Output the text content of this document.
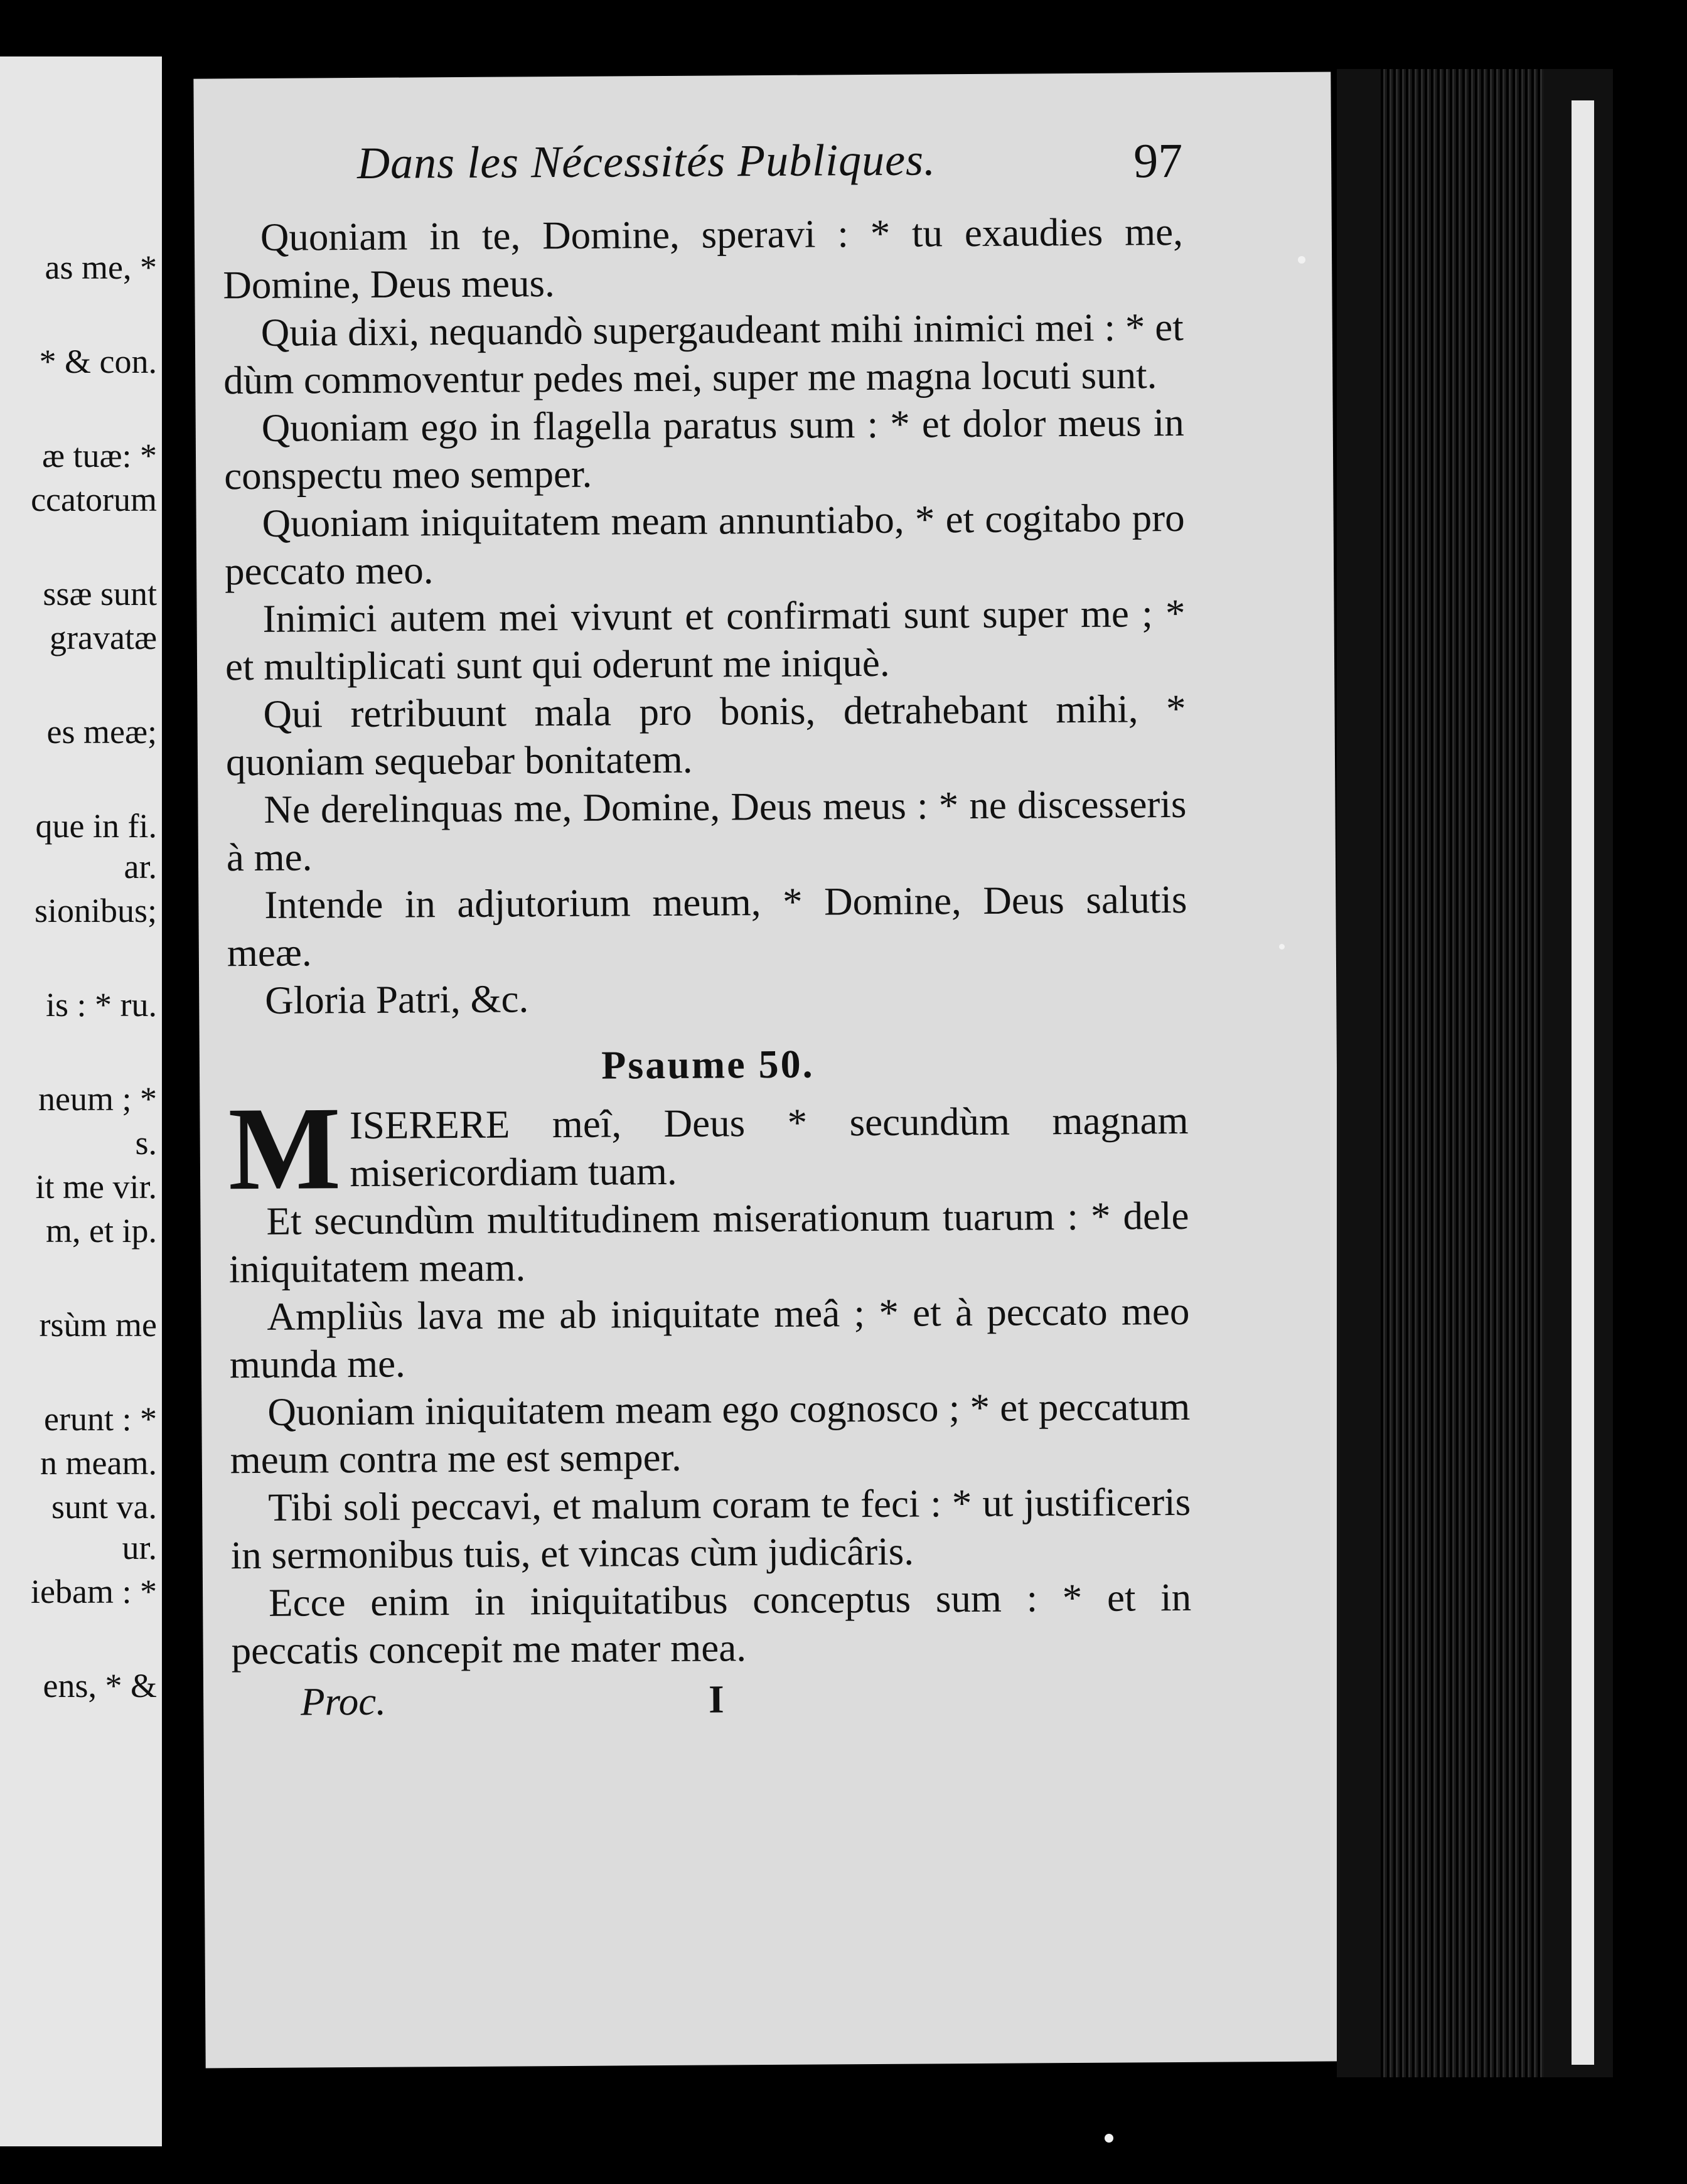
as me, *
* & con.
æ tuæ: *
ccatorum
ssæ sunt
gravatæ
es meæ;
que in fi.
ar.
sionibus;
is : * ru.
neum ; *
s.
it me vir.
m, et ip.
rsùm me
erunt : *
n meam.
sunt va.
ur.
iebam : *
ens, * &
Dans les Nécessités Publiques.	97

Quoniam in te, Domine, speravi : * tu exaudies me, Domine, Deus meus.

Quia dixi, nequandò supergaudeant mihi inimici mei : * et dùm commoventur pedes mei, super me magna locuti sunt.

Quoniam ego in flagella paratus sum : * et dolor meus in conspectu meo semper.

Quoniam iniquitatem meam annuntiabo, * et cogitabo pro peccato meo.

Inimici autem mei vivunt et confirmati sunt super me ; * et multiplicati sunt qui oderunt me iniquè.

Qui retribuunt mala pro bonis, detrahebant mihi, * quoniam sequebar bonitatem.

Ne derelinquas me, Domine, Deus meus : * ne discesseris à me.

Intende in adjutorium meum, * Domine, Deus salutis meæ.

Gloria Patri, &c.

Psaume 50.
M ISERERE meî, Deus * secundùm magnam misericordiam tuam.

Et secundùm multitudinem miserationum tuarum : * dele iniquitatem meam.

Ampliùs lava me ab iniquitate meâ ; * et à peccato meo munda me.

Quoniam iniquitatem meam ego cognosco ; * et peccatum meum contra me est semper.

Tibi soli peccavi, et malum coram te feci : * ut justificeris in sermonibus tuis, et vincas cùm judicâris.

Ecce enim in iniquitatibus conceptus sum : * et in peccatis concepit me mater mea.

Proc.	I
